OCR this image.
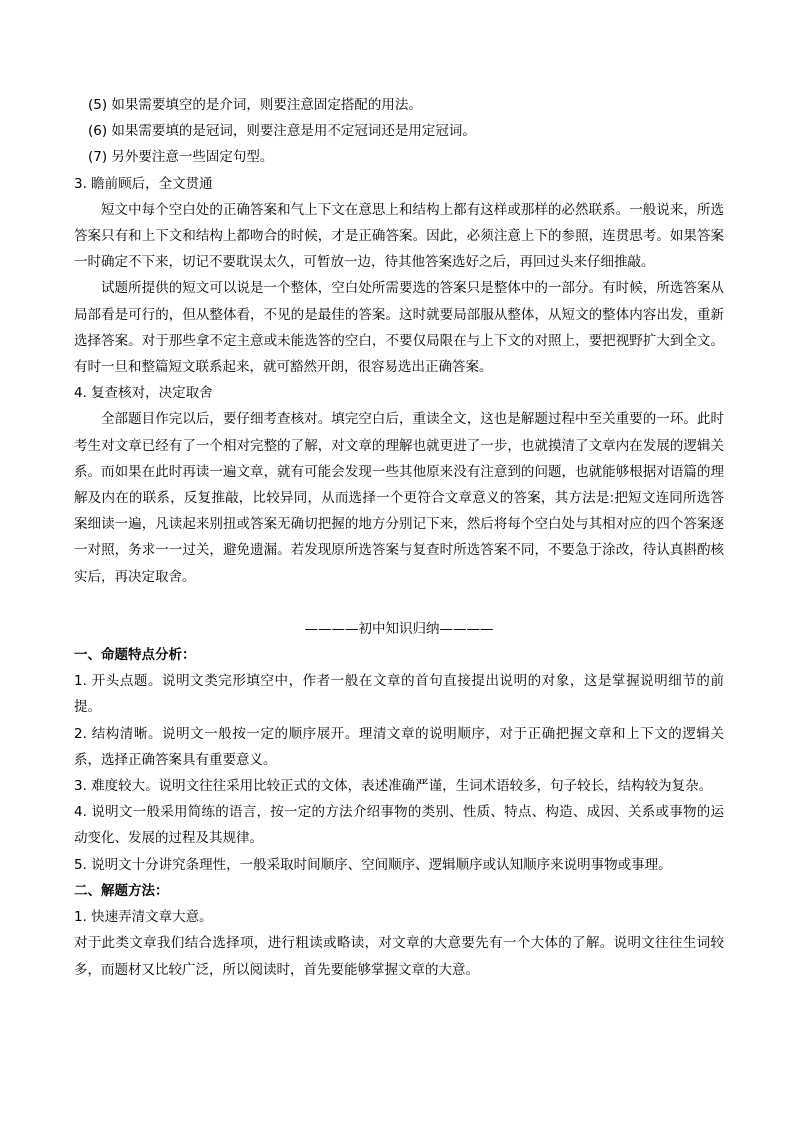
(5) 如果需要填空的是介词，则要注意固定搭配的用法。
(6) 如果需要填的是冠词，则要注意是用不定冠词还是用定冠词。
(7) 另外要注意一些固定句型。
3. 瞻前顾后，全文贯通
短文中每个空白处的正确答案和气上下文在意思上和结构上都有这样或那样的必然联系。一般说来，所选答案只有和上下文和结构上都吻合的时候，才是正确答案。因此，必须注意上下的参照，连贯思考。如果答案一时确定不下来，切记不要耽误太久，可暂放一边，待其他答案选好之后，再回过头来仔细推敲。
试题所提供的短文可以说是一个整体，空白处所需要选的答案只是整体中的一部分。有时候，所选答案从局部看是可行的，但从整体看，不见的是最佳的答案。这时就要局部服从整体，从短文的整体内容出发，重新选择答案。对于那些拿不定主意或未能选答的空白，不要仅局限在与上下文的对照上，要把视野扩大到全文。有时一旦和整篇短文联系起来，就可豁然开朗，很容易选出正确答案。
4. 复查核对，决定取舍
全部题目作完以后，要仔细考查核对。填完空白后，重读全文，这也是解题过程中至关重要的一环。此时考生对文章已经有了一个相对完整的了解，对文章的理解也就更进了一步，也就摸清了文章内在发展的逻辑关系。而如果在此时再读一遍文章，就有可能会发现一些其他原来没有注意到的问题，也就能够根据对语篇的理解及内在的联系，反复推敲，比较异同，从而选择一个更符合文章意义的答案，其方法是:把短文连同所选答案细读一遍，凡读起来别扭或答案无确切把握的地方分别记下来，然后将每个空白处与其相对应的四个答案逐一对照，务求一一过关，避免遗漏。若发现原所选答案与复查时所选答案不同，不要急于涂改，待认真斟酌核实后，再决定取舍。
————初中知识归纳————
一、命题特点分析：
1. 开头点题。说明文类完形填空中，作者一般在文章的首句直接提出说明的对象，这是掌握说明细节的前提。
2. 结构清晰。说明文一般按一定的顺序展开。理清文章的说明顺序，对于正确把握文章和上下文的逻辑关系，选择正确答案具有重要意义。
3. 难度较大。说明文往往采用比较正式的文体，表述准确严谨，生词术语较多，句子较长，结构较为复杂。
4. 说明文一般采用简练的语言，按一定的方法介绍事物的类别、性质、特点、构造、成因、关系或事物的运动变化、发展的过程及其规律。
5. 说明文十分讲究条理性，一般采取时间顺序、空间顺序、逻辑顺序或认知顺序来说明事物或事理。
二、解题方法：
1. 快速弄清文章大意。
对于此类文章我们结合选择项，进行粗读或略读，对文章的大意要先有一个大体的了解。说明文往往生词较多，而题材又比较广泛，所以阅读时，首先要能够掌握文章的大意。
